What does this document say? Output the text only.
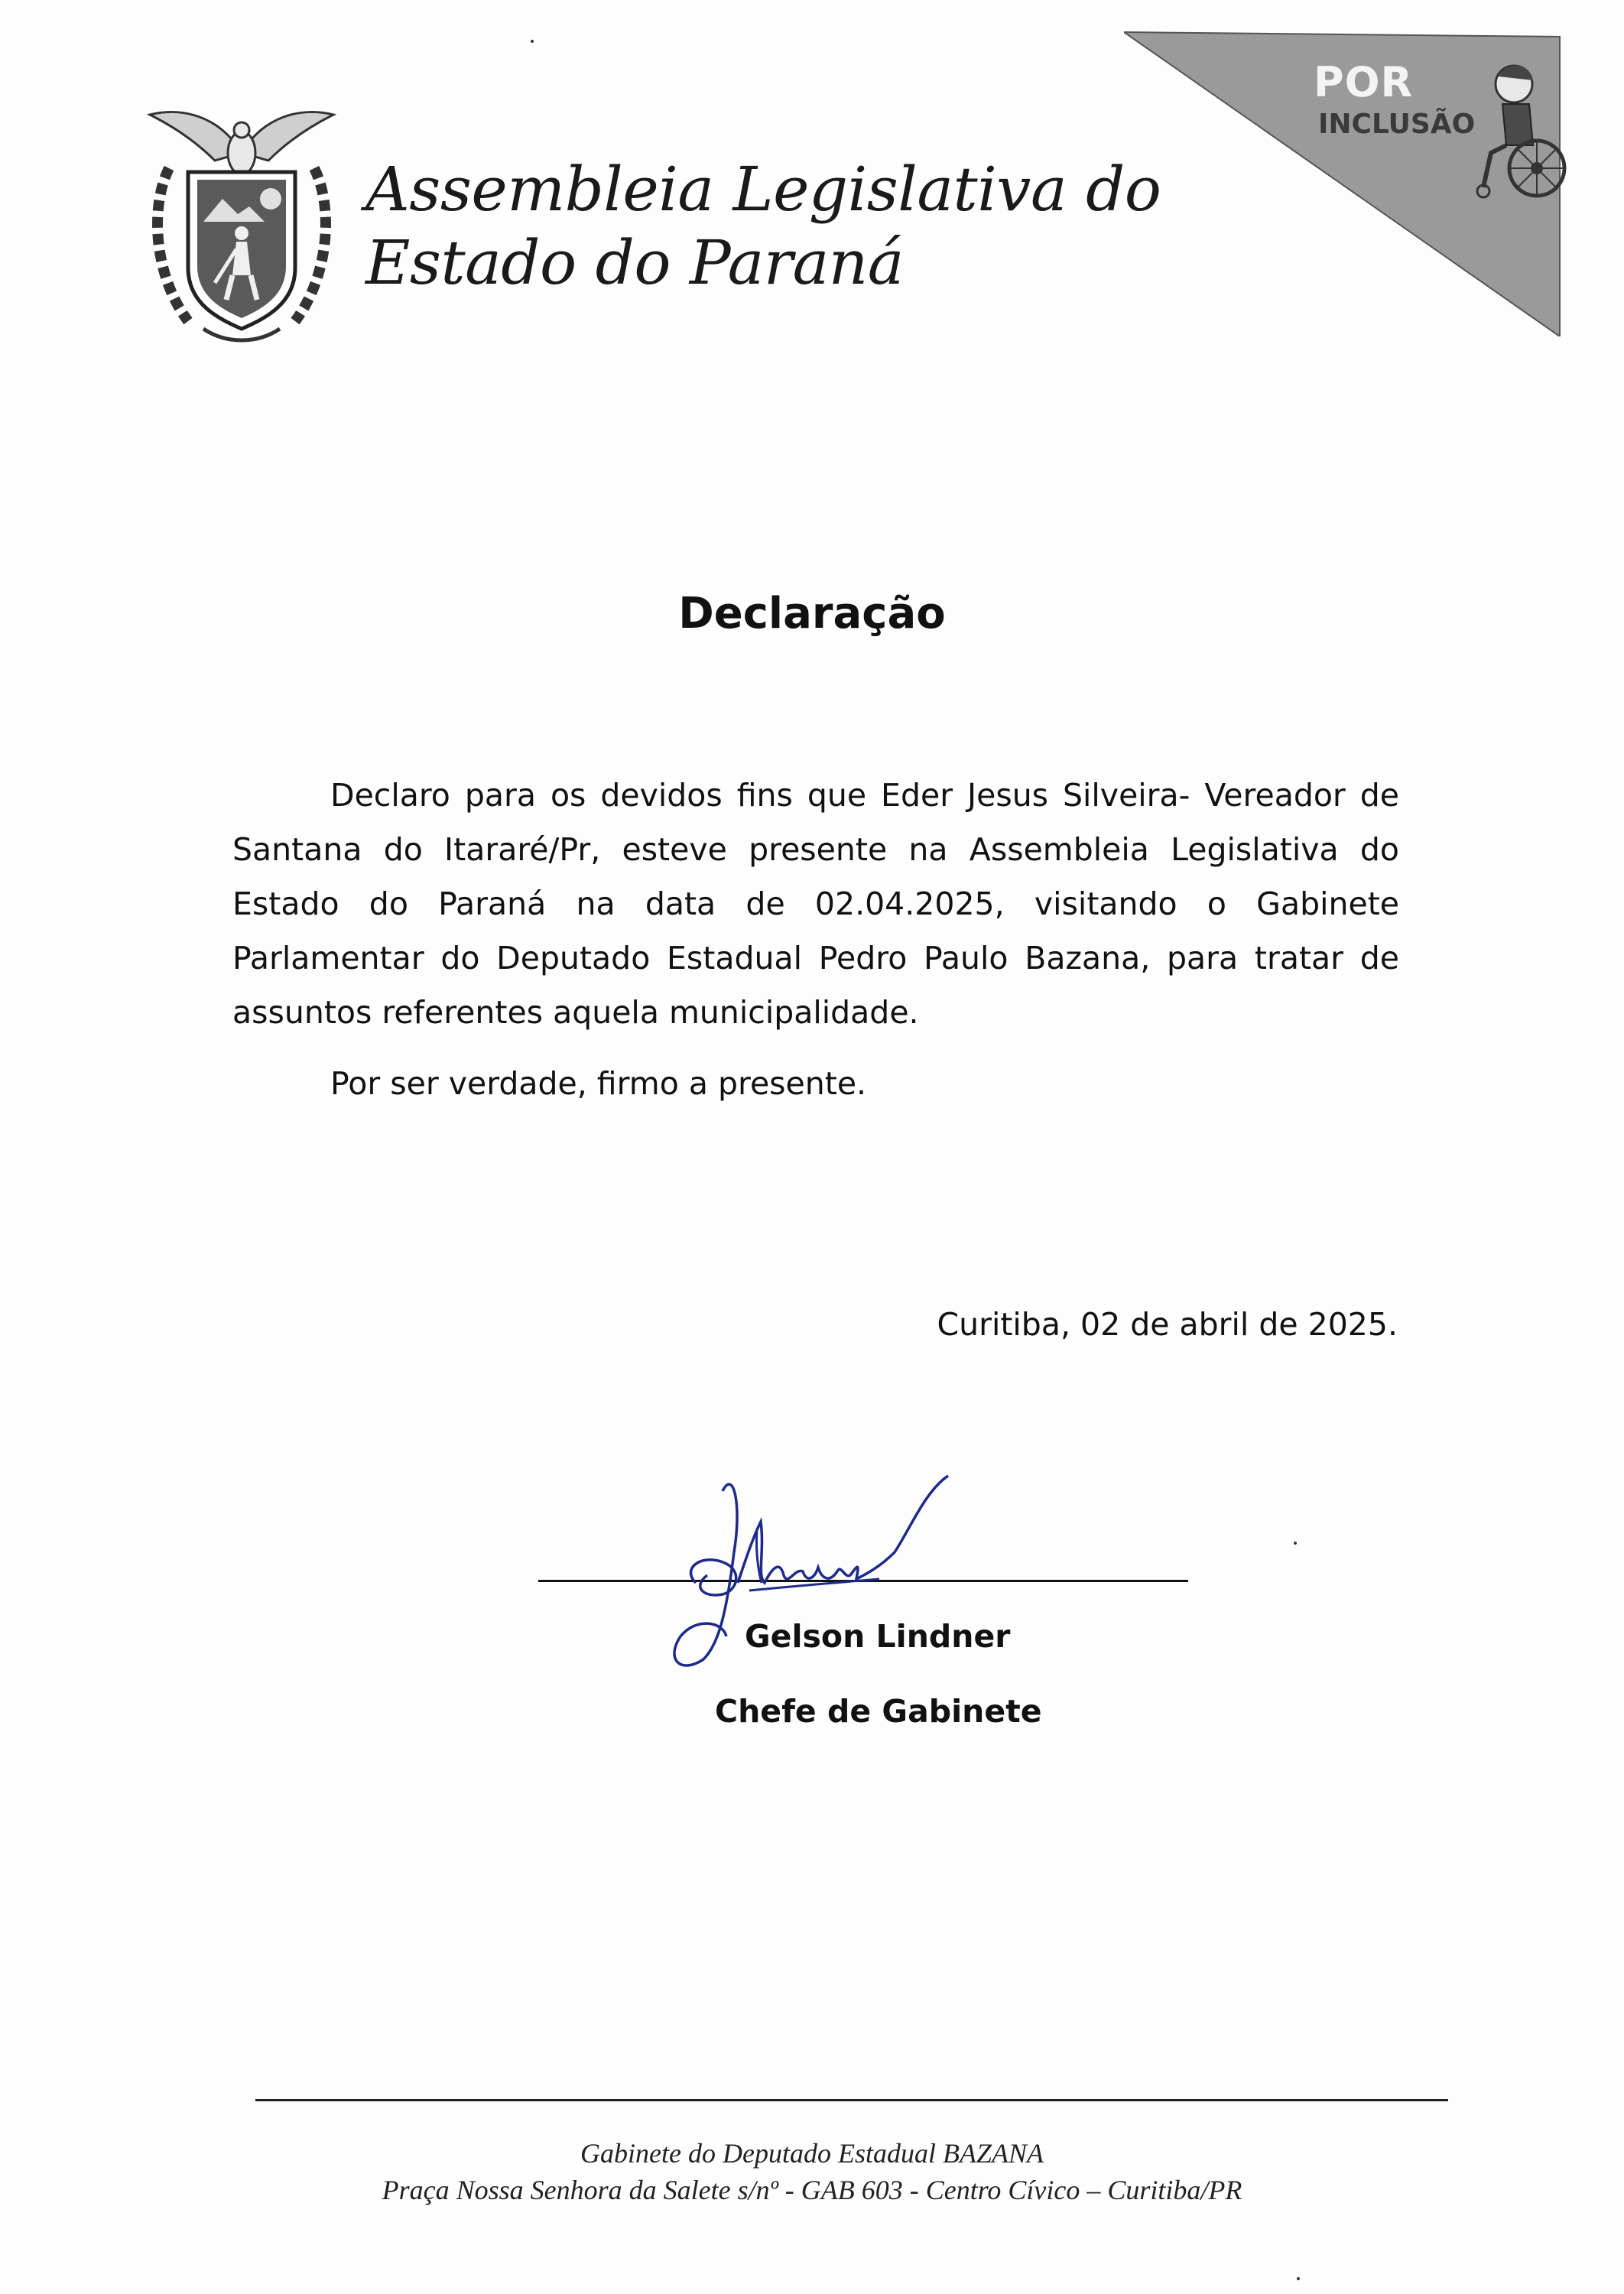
Assembleia Legislativa do
Estado do Paraná
POR
INCLUSÃO
Declaração
Declaro para os devidos fins que Eder Jesus Silveira- Vereador de Santana do Itararé/Pr, esteve presente na Assembleia Legislativa do Estado do Paraná na data de 02.04.2025, visitando o Gabinete Parlamentar do Deputado Estadual Pedro Paulo Bazana, para tratar de assuntos referentes aquela municipalidade.
Por ser verdade, firmo a presente.
Curitiba, 02 de abril de 2025.
Gelson Lindner
Chefe de Gabinete
Gabinete do Deputado Estadual BAZANA
Praça Nossa Senhora da Salete s/nº - GAB 603 - Centro Cívico – Curitiba/PR
